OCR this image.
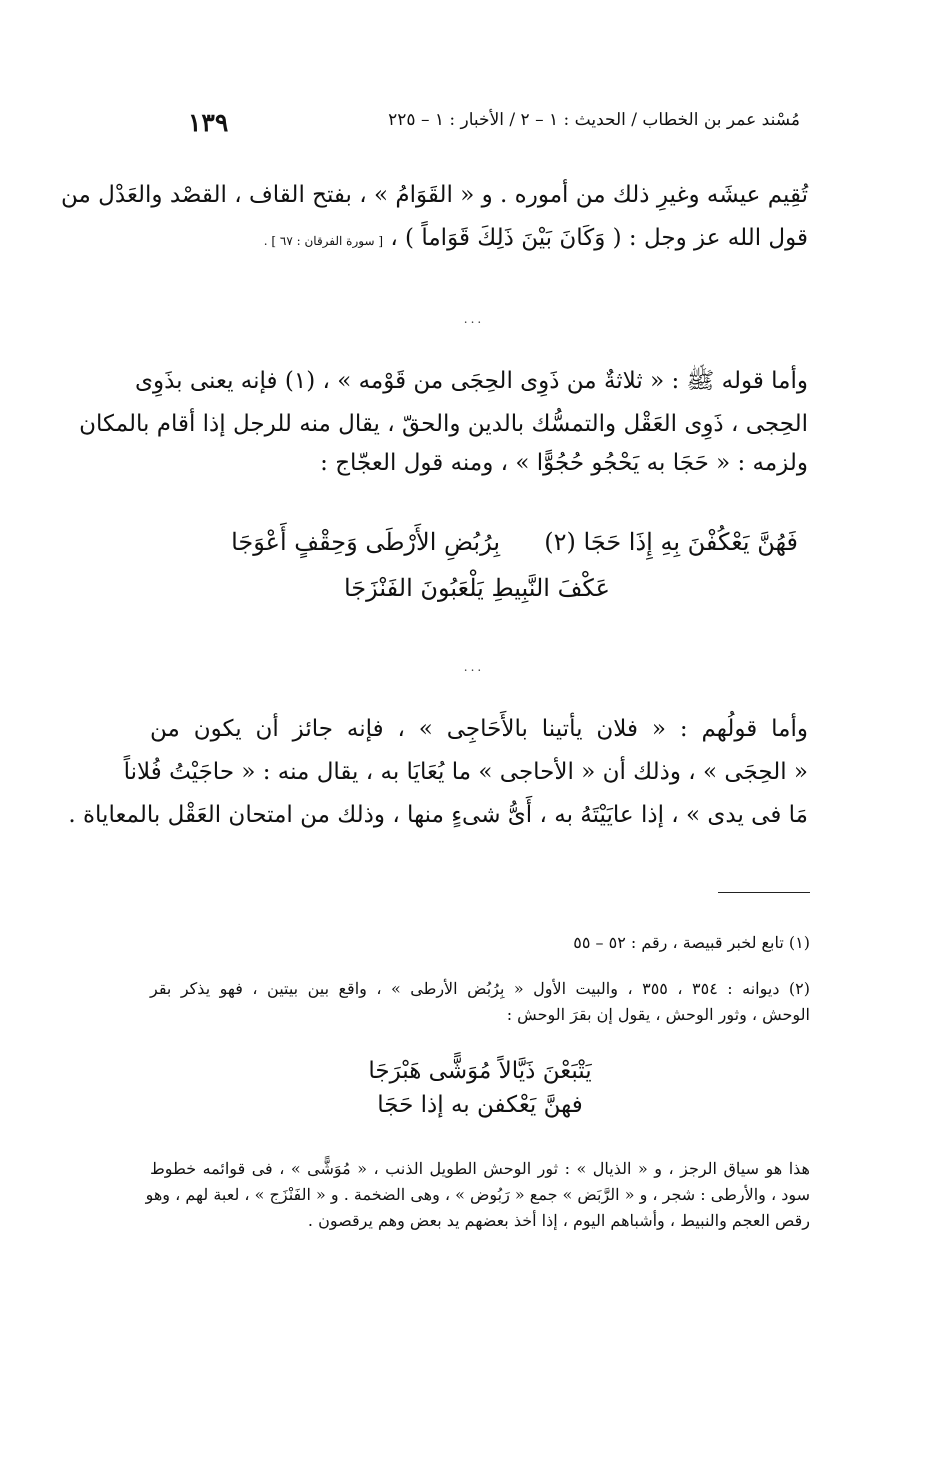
١٣٩	مُسْند عمر بن الخطاب / الحديث : ١ – ٢ / الأخبار : ١ – ٢٢٥
تُقِيم عيشَه وغيرِ ذلك من أموره . و « القَوَامُ » ، بفتح القاف ، القصْد والعَدْل من
قول الله عز وجل : ( وَكَانَ بَيْنَ ذَلِكَ قَوَاماً ) ، [ سورة الفرقان : ٦٧ ] .
...
وأما قوله ﷺ : « ثلاثةٌ من ذَوِى الحِجَى من قَوْمه » ، (١) فإنه يعنى بذَوِى
الحِجى ، ذَوِى العَقْل والتمسُّك بالدين والحقّ ، يقال منه للرجل إذا أقام بالمكان
ولزمه : « حَجَا به يَحْجُو حُجُوًّا » ، ومنه قول العجّاج :
فَهُنَّ يَعْكُفْنَ بِهِ إِذَا حَجَا (٢)
بِرُبُضِ الأَرْطَى وَحِقْفٍ أَعْوَجَا
عَكْفَ النَّبِيطِ يَلْعَبُونَ الفَنْزَجَا
...
وأما قولُهم : « فلان يأتينا بالأَحَاجِى » ، فإنه جائز أن يكون من
« الحِجَى » ، وذلك أن « الأحاجى » ما يُعَايَا به ، يقال منه : « حاجَيْتُ فُلاناً
مَا فى يدى » ، إذا عايَيْتَهُ به ، أَىُّ شىءٍ منها ، وذلك من امتحان العَقْل بالمعاياة .
(١) تابع لخبر قبيصة ، رقم : ٥٢ – ٥٥
(٢) ديوانه : ٣٥٤ ، ٣٥٥ ، والبيت الأول « بِرُبُض الأرطى » ، واقع بين بيتين ، فهو يذكر بقر
الوحش ، وثور الوحش ، يقول إن بقرَ الوحش :
يَتْبَعْنَ ذَيَّالاً مُوَشًّى هَبْرَجَا
فهنَّ يَعْكفن به إذا حَجَا
هذا هو سياق الرجز ، و « الذيال » : ثور الوحش الطويل الذنب ، « مُوَشًّى » ، فى قوائمه خطوط
سود ، والأرطى : شجر ، و « الرَّبَض » جمع « رَبُوض » ، وهى الضخمة . و « الفَنْزَج » ، لعبة لهم ، وهو
رقص العجم والنبيط ، وأشباهم اليوم ، إذا أخذ بعضهم يد بعض وهم يرقصون .
